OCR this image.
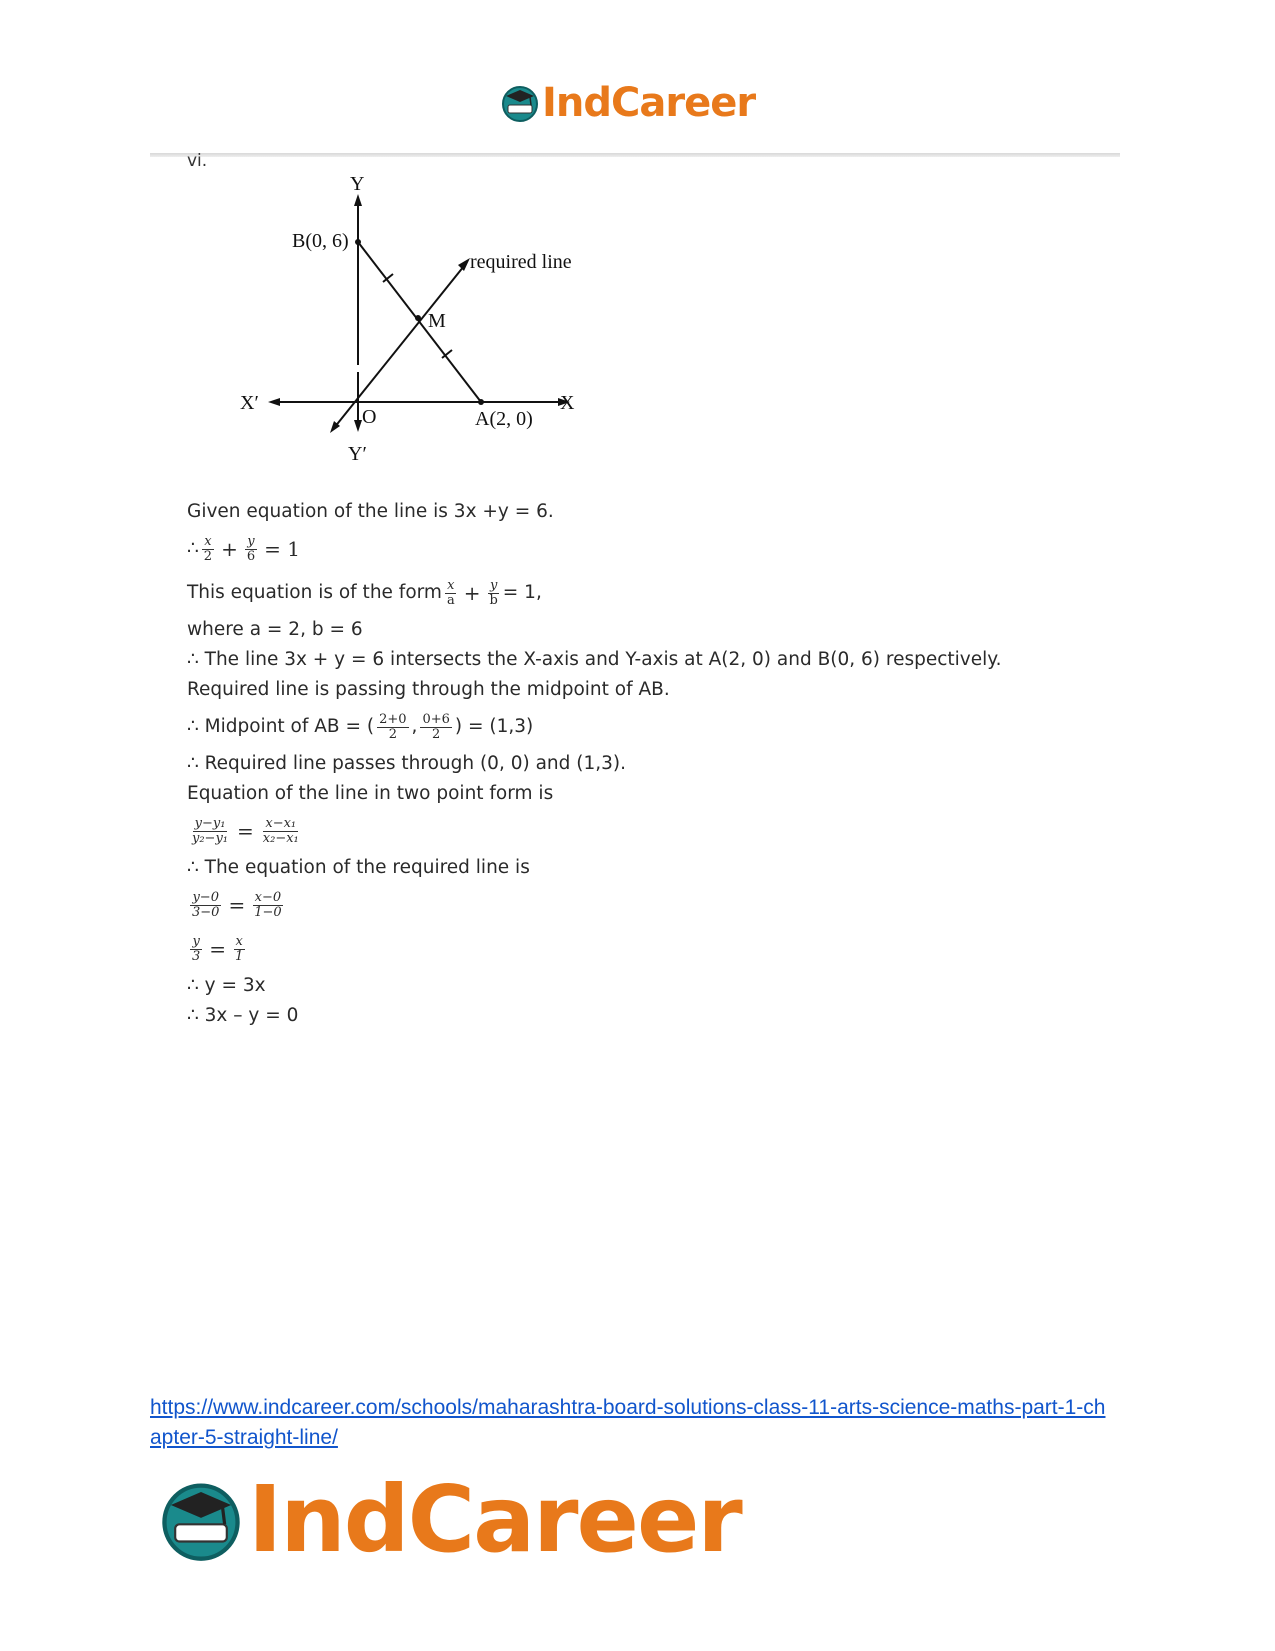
IndCareer
vi.
Y
Y′
X
X′
O
B(0, 6)
A(2, 0)
M
required line
Given equation of the line is 3x +y = 6.
∴ $\frac{x}{2} + \frac{y}{6} = 1$
This equation is of the form $\frac{x}{a} + \frac{y}{b} = 1$,
where a = 2, b = 6
∴ The line 3x + y = 6 intersects the X-axis and Y-axis at A(2, 0) and B(0, 6) respectively. Required line is passing through the midpoint of AB.
∴ Midpoint of AB = ( $\frac{2+0}{2}$ , $\frac{0+6}{2}$ ) = (1,3)
∴ Required line passes through (0, 0) and (1,3).
Equation of the line in two point form is
$\frac{\text{y−y₁}}{\text{y₂−y₁}} = \frac{\text{x−x₁}}{\text{x₂−x₁}}$
∴ The equation of the required line is
$\frac{y-0}{3-0} = \frac{x-0}{1-0}$
$\frac{y}{3} = \frac{x}{1}$
∴ y = 3x
∴ 3x – y = 0
https://www.indcareer.com/schools/maharashtra-board-solutions-class-11-arts-science-maths-part-1-chapter-5-straight-line/
IndCareer
